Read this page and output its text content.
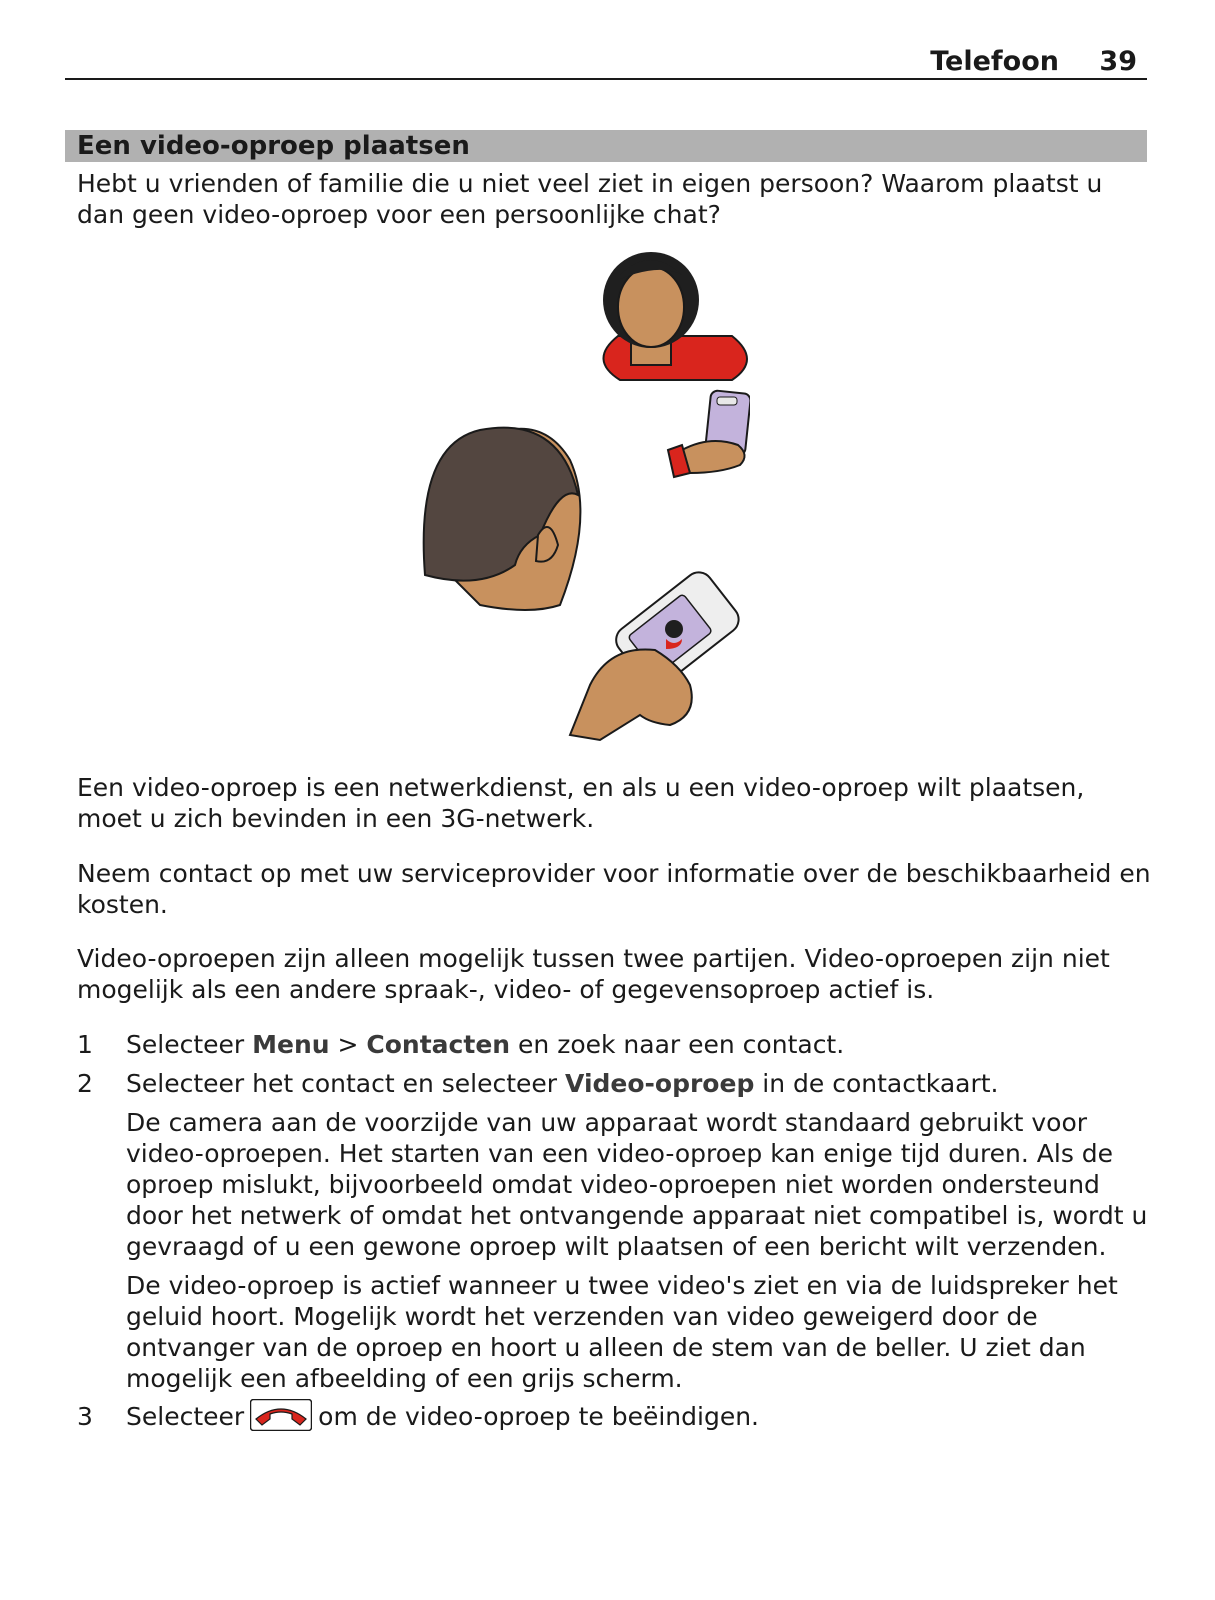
Telefoon 39
Een video-oproep plaatsen

Hebt u vrienden of familie die u niet veel ziet in eigen persoon? Waarom plaatst u dan geen video-oproep voor een persoonlijke chat?

Een video-oproep is een netwerkdienst, en als u een video-oproep wilt plaatsen, moet u zich bevinden in een 3G-netwerk.

Neem contact op met uw serviceprovider voor informatie over de beschikbaarheid en kosten.

Video-oproepen zijn alleen mogelijk tussen twee partijen. Video-oproepen zijn niet mogelijk als een andere spraak-, video- of gegevensoproep actief is.

1 Selecteer Menu > Contacten en zoek naar een contact.
2 Selecteer het contact en selecteer Video-oproep in de contactkaart.

De camera aan de voorzijde van uw apparaat wordt standaard gebruikt voor video-oproepen. Het starten van een video-oproep kan enige tijd duren. Als de oproep mislukt, bijvoorbeeld omdat video-oproepen niet worden ondersteund door het netwerk of omdat het ontvangende apparaat niet compatibel is, wordt u gevraagd of u een gewone oproep wilt plaatsen of een bericht wilt verzenden.

De video-oproep is actief wanneer u twee video's ziet en via de luidspreker het geluid hoort. Mogelijk wordt het verzenden van video geweigerd door de ontvanger van de oproep en hoort u alleen de stem van de beller. U ziet dan mogelijk een afbeelding of een grijs scherm.

3 Selecteer	om de video-oproep te beëindigen.
